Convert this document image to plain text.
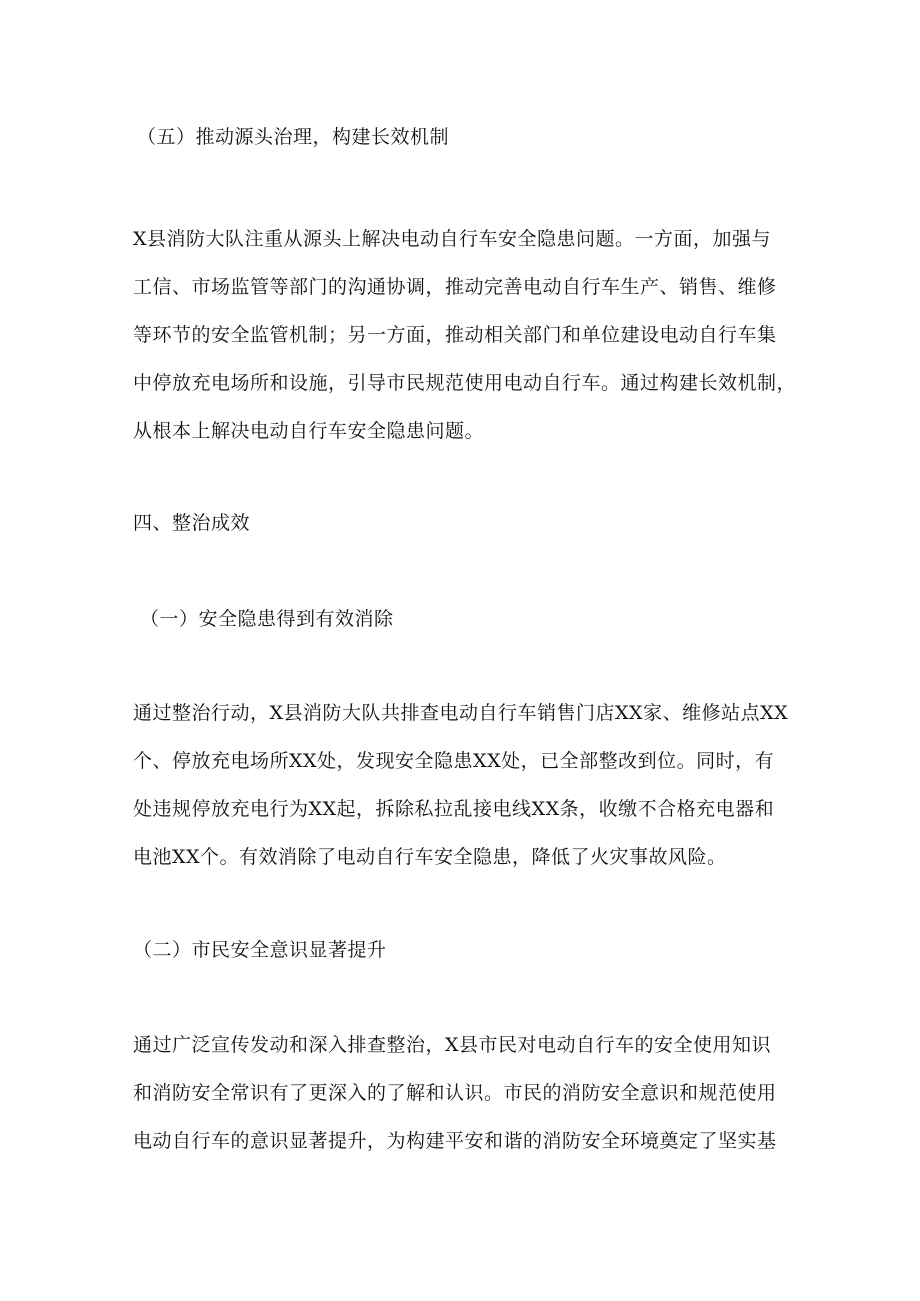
（五）推动源头治理，构建长效机制
X县消防大队注重从源头上解决电动自行车安全隐患问题。一方面，加强与
工信、市场监管等部门的沟通协调，推动完善电动自行车生产、销售、维修
等环节的安全监管机制；另一方面，推动相关部门和单位建设电动自行车集
中停放充电场所和设施，引导市民规范使用电动自行车。通过构建长效机制，
从根本上解决电动自行车安全隐患问题。
四、整治成效
（一）安全隐患得到有效消除
通过整治行动，X县消防大队共排查电动自行车销售门店XX家、维修站点XX
个、停放充电场所XX处，发现安全隐患XX处，已全部整改到位。同时，有
处违规停放充电行为XX起，拆除私拉乱接电线XX条，收缴不合格充电器和
电池XX个。有效消除了电动自行车安全隐患，降低了火灾事故风险。
（二）市民安全意识显著提升
通过广泛宣传发动和深入排查整治，X县市民对电动自行车的安全使用知识
和消防安全常识有了更深入的了解和认识。市民的消防安全意识和规范使用
电动自行车的意识显著提升，为构建平安和谐的消防安全环境奠定了坚实基
